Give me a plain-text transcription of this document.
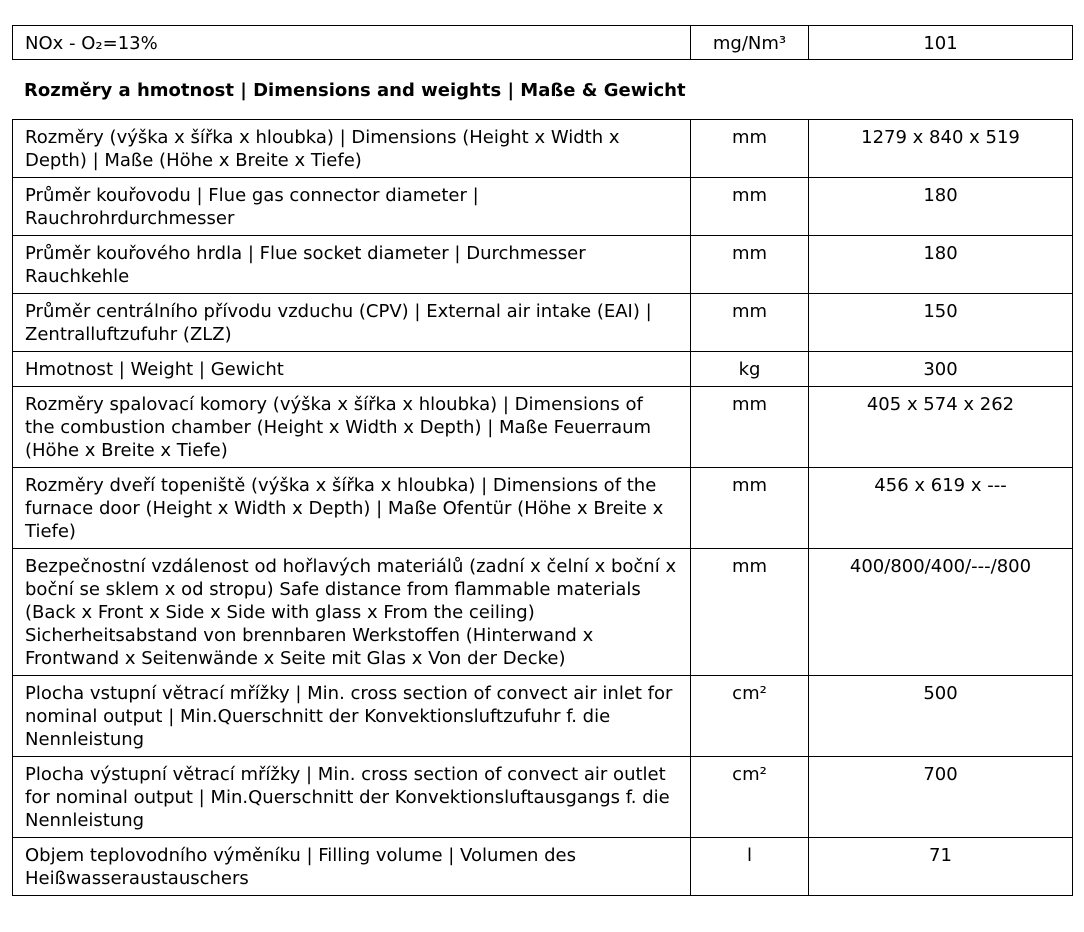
NOx - O₂=13%	mg/Nm³	101
Rozměry a hmotnost | Dimensions and weights | Maße & Gewicht
Rozměry (výška x šířka x hloubka) | Dimensions (Height x Width x Depth) | Maße (Höhe x Breite x Tiefe)	mm	1279 x 840 x 519
Průměr kouřovodu | Flue gas connector diameter | Rauchrohrdurchmesser	mm	180
Průměr kouřového hrdla | Flue socket diameter | Durchmesser Rauchkehle	mm	180
Průměr centrálního přívodu vzduchu (CPV) | External air intake (EAI) | Zentralluftzufuhr (ZLZ)	mm	150
Hmotnost | Weight | Gewicht	kg	300
Rozměry spalovací komory (výška x šířka x hloubka) | Dimensions of the combustion chamber (Height x Width x Depth) | Maße Feuerraum (Höhe x Breite x Tiefe)	mm	405 x 574 x 262
Rozměry dveří topeniště (výška x šířka x hloubka) | Dimensions of the furnace door (Height x Width x Depth) | Maße Ofentür (Höhe x Breite x Tiefe)	mm	456 x 619 x ---
Bezpečnostní vzdálenost od hořlavých materiálů (zadní x čelní x boční x boční se sklem x od stropu) Safe distance from flammable materials (Back x Front x Side x Side with glass x From the ceiling) Sicherheitsabstand von brennbaren Werkstoffen (Hinterwand x Frontwand x Seitenwände x Seite mit Glas x Von der Decke)	mm	400/800/400/---/800
Plocha vstupní větrací mřížky | Min. cross section of convect air inlet for nominal output | Min.Querschnitt der Konvektionsluftzufuhr f. die Nennleistung	cm²	500
Plocha výstupní větrací mřížky | Min. cross section of convect air outlet for nominal output | Min.Querschnitt der Konvektionsluftausgangs f. die Nennleistung	cm²	700
Objem teplovodního výměníku | Filling volume | Volumen des Heißwasseraustauschers	l	71
